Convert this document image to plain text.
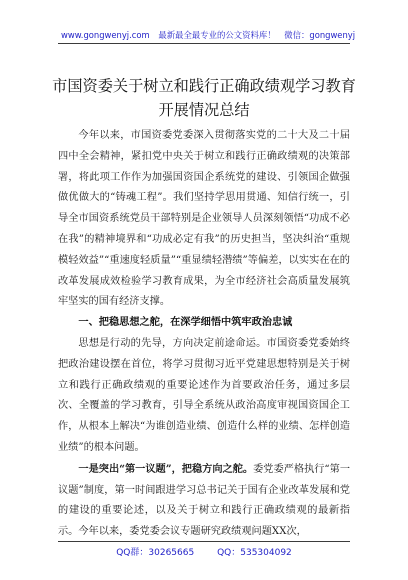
www.gongwenyj.com 最新最全最专业的公文资料库！ 微信：gongwenyj
市国资委关于树立和践行正确政绩观学习教育
开展情况总结

今年以来，市国资委党委深入贯彻落实党的二十大及二十届四中全会精神，紧扣党中央关于树立和践行正确政绩观的决策部署，将此项工作作为加强国资国企系统党的建设、引领国企做强做优做大的“铸魂工程”。我们坚持学思用贯通、知信行统一，引导全市国资系统党员干部特别是企业领导人员深刻领悟“功成不必在我”的精神境界和“功成必定有我”的历史担当，坚决纠治“重规模轻效益”“重速度轻质量”“重显绩轻潜绩”等偏差，以实实在在的改革发展成效检验学习教育成果，为全市经济社会高质量发展筑牢坚实的国有经济支撑。

一、把稳思想之舵，在深学细悟中筑牢政治忠诚

思想是行动的先导，方向决定前途命运。市国资委党委始终把政治建设摆在首位，将学习贯彻习近平党建思想特别是关于树立和践行正确政绩观的重要论述作为首要政治任务，通过多层次、全覆盖的学习教育，引导全系统从政治高度审视国资国企工作，从根本上解决“为谁创造业绩、创造什么样的业绩、怎样创造业绩”的根本问题。

一是突出“第一议题”，把稳方向之舵。委党委严格执行“第一议题”制度，第一时间跟进学习总书记关于国有企业改革发展和党的建设的重要论述，以及关于树立和践行正确政绩观的最新指示。今年以来，委党委会议专题研究政绩观问题XX次，

QQ群：30265665	QQ：535304092
